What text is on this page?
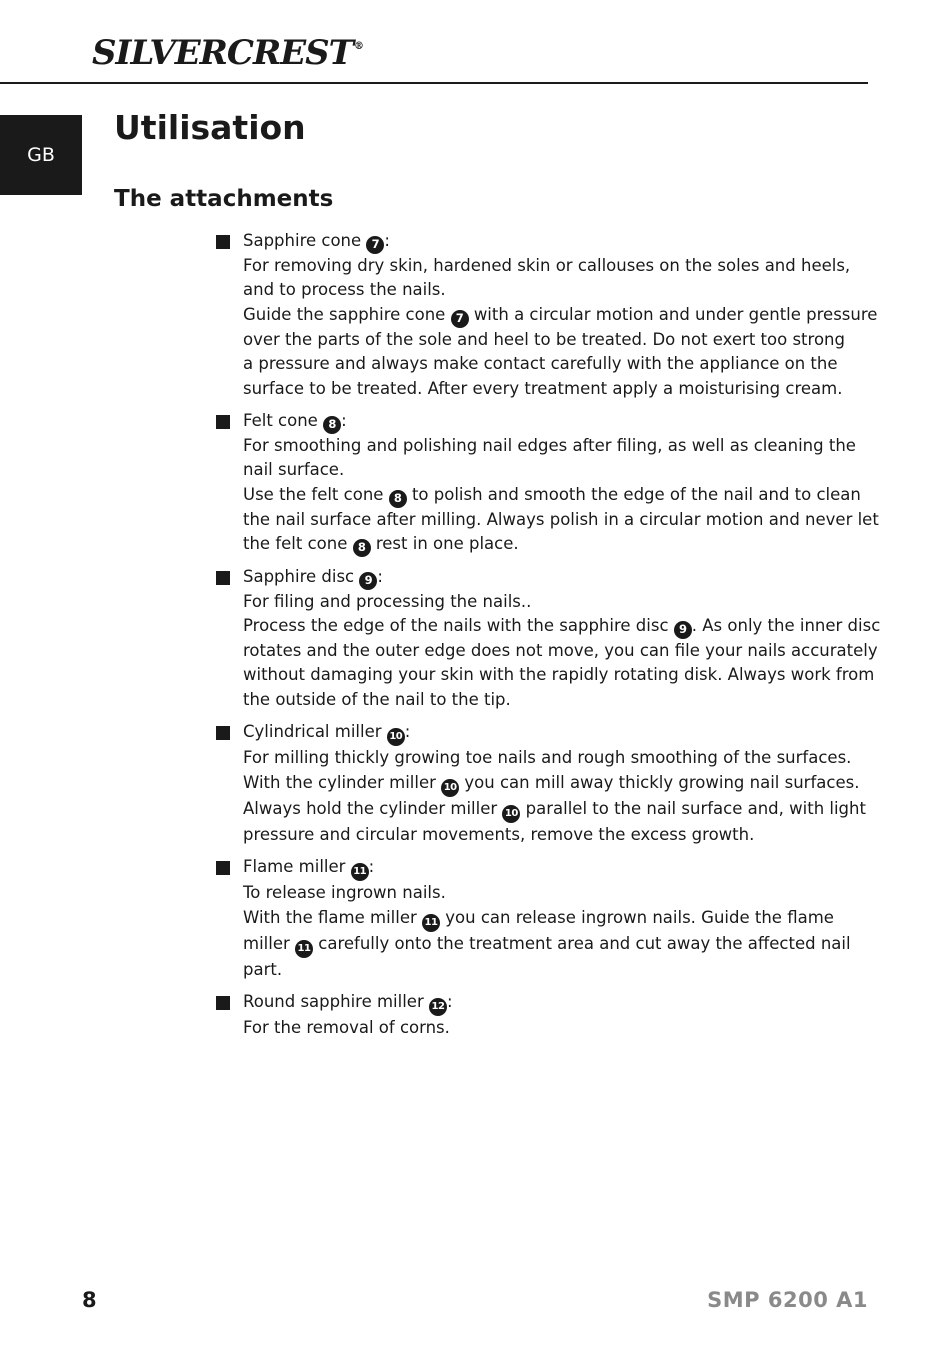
SILVERCREST®
GB
Utilisation
The attachments
Sapphire cone 7 :
For removing dry skin, hardened skin or callouses on the soles and heels,
and to process the nails.
Guide the sapphire cone 7 with a circular motion and under gentle pressure
over the parts of the sole and heel to be treated. Do not exert too strong
a pressure and always make contact carefully with the appliance on the
surface to be treated. After every treatment apply a moisturising cream.
Felt cone 8 :
For smoothing and polishing nail edges after filing, as well as cleaning the
nail surface.
Use the felt cone 8 to polish and smooth the edge of the nail and to clean
the nail surface after milling. Always polish in a circular motion and never let
the felt cone 8 rest in one place.
Sapphire disc 9 :
For filing and processing the nails..
Process the edge of the nails with the sapphire disc 9 . As only the inner disc
rotates and the outer edge does not move, you can file your nails accurately
without damaging your skin with the rapidly rotating disk. Always work from
the outside of the nail to the tip.
Cylindrical miller 10 :
For milling thickly growing toe nails and rough smoothing of the surfaces.
With the cylinder miller 10 you can mill away thickly growing nail surfaces.
Always hold the cylinder miller 10 parallel to the nail surface and, with light
pressure and circular movements, remove the excess growth.
Flame miller 11 :
To release ingrown nails.
With the flame miller 11 you can release ingrown nails. Guide the flame
miller 11 carefully onto the treatment area and cut away the affected nail
part.
Round sapphire miller 12 :
For the removal of corns.
8	SMP 6200 A1
